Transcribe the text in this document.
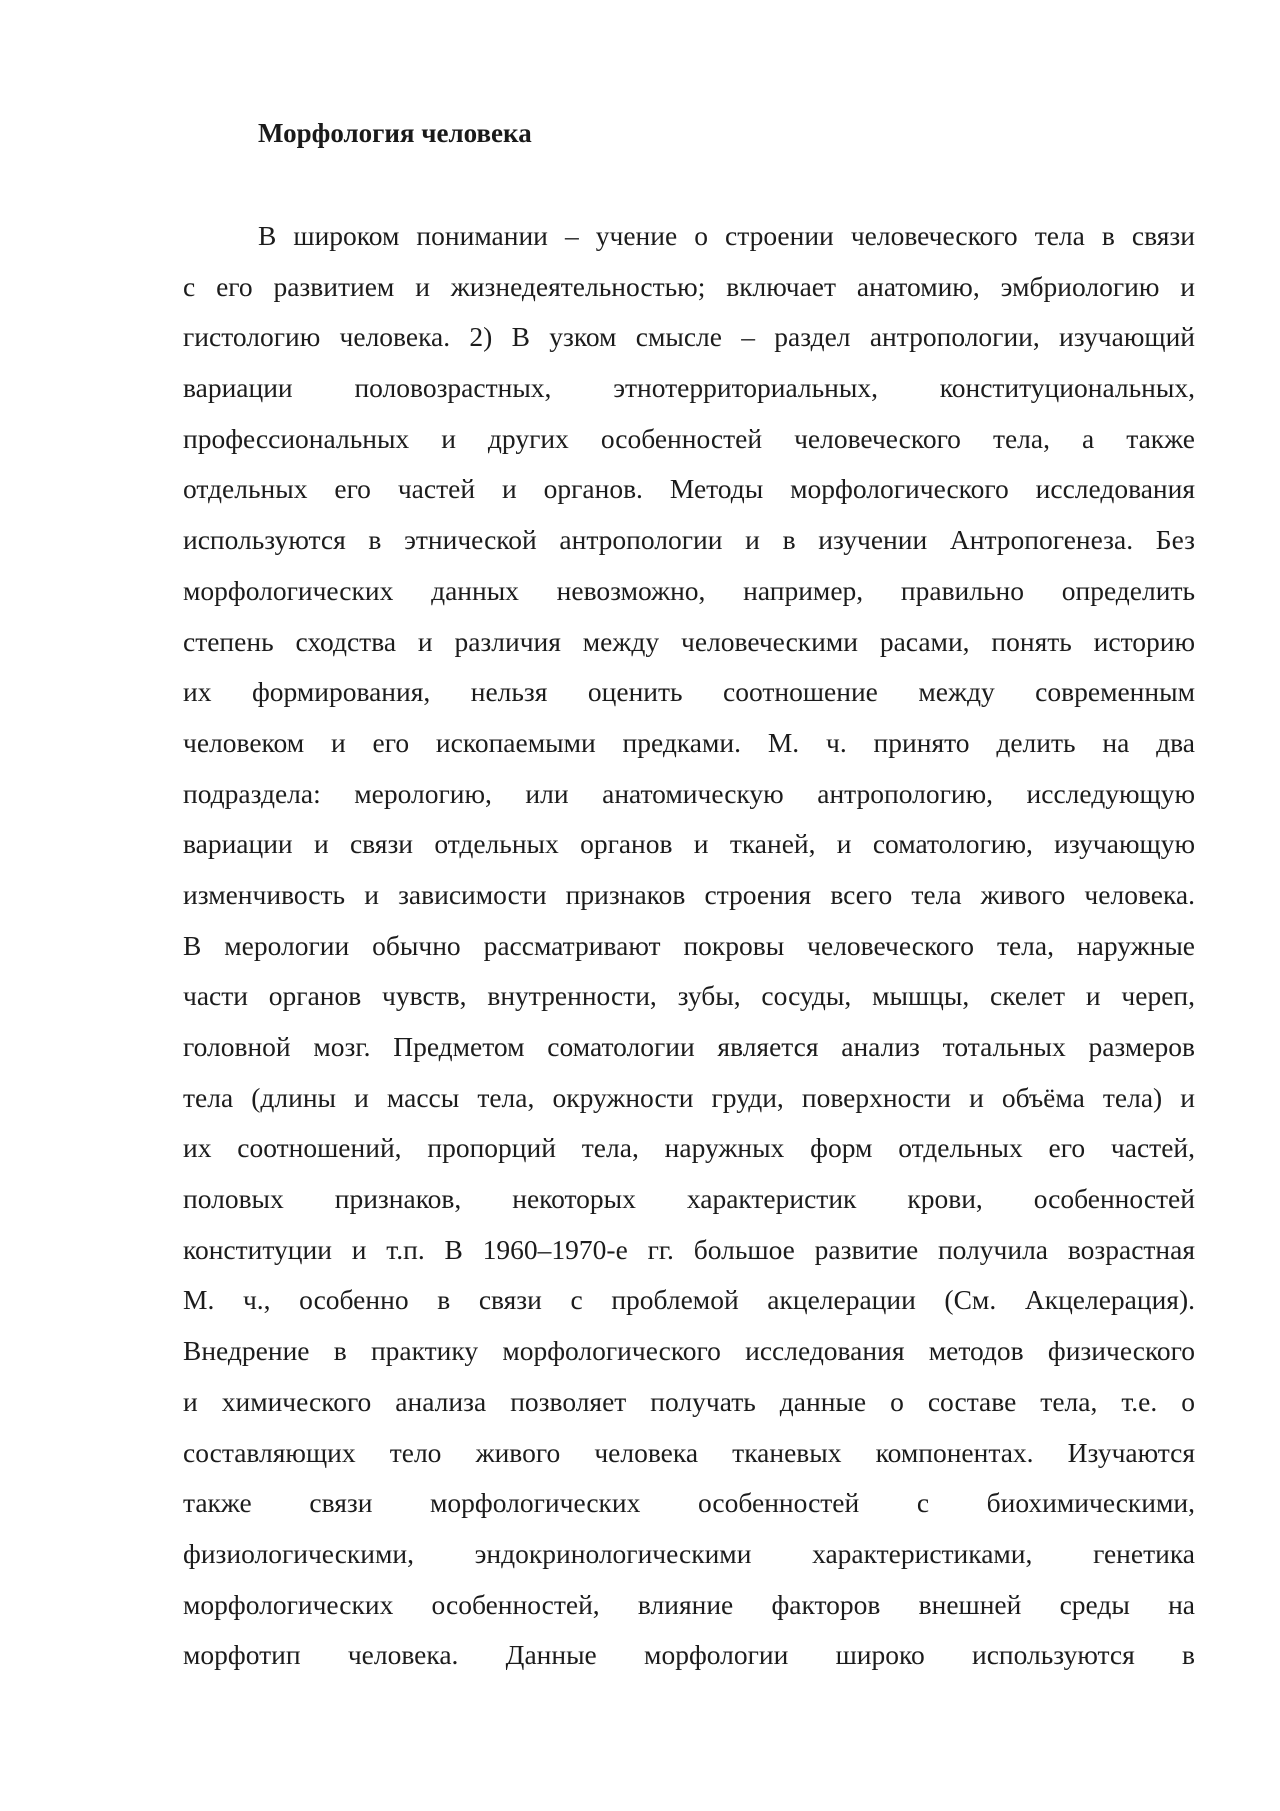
Морфология человека
В широком понимании – учение о строении человеческого тела в связи
с его развитием и жизнедеятельностью; включает анатомию, эмбриологию и
гистологию человека. 2) В узком смысле – раздел антропологии, изучающий
вариации половозрастных, этнотерриториальных, конституциональных,
профессиональных и других особенностей человеческого тела, а также
отдельных его частей и органов. Методы морфологического исследования
используются в этнической антропологии и в изучении Антропогенеза. Без
морфологических данных невозможно, например, правильно определить
степень сходства и различия между человеческими расами, понять историю
их формирования, нельзя оценить соотношение между современным
человеком и его ископаемыми предками. М. ч. принято делить на два
подраздела: мерологию, или анатомическую антропологию, исследующую
вариации и связи отдельных органов и тканей, и соматологию, изучающую
изменчивость и зависимости признаков строения всего тела живого человека.
В мерологии обычно рассматривают покровы человеческого тела, наружные
части органов чувств, внутренности, зубы, сосуды, мышцы, скелет и череп,
головной мозг. Предметом соматологии является анализ тотальных размеров
тела (длины и массы тела, окружности груди, поверхности и объёма тела) и
их соотношений, пропорций тела, наружных форм отдельных его частей,
половых признаков, некоторых характеристик крови, особенностей
конституции и т.п. В 1960–1970-е гг. большое развитие получила возрастная
М. ч., особенно в связи с проблемой акцелерации (См. Акцелерация).
Внедрение в практику морфологического исследования методов физического
и химического анализа позволяет получать данные о составе тела, т.е. о
составляющих тело живого человека тканевых компонентах. Изучаются
также связи морфологических особенностей с биохимическими,
физиологическими, эндокринологическими характеристиками, генетика
морфологических особенностей, влияние факторов внешней среды на
морфотип человека. Данные морфологии широко используются в
